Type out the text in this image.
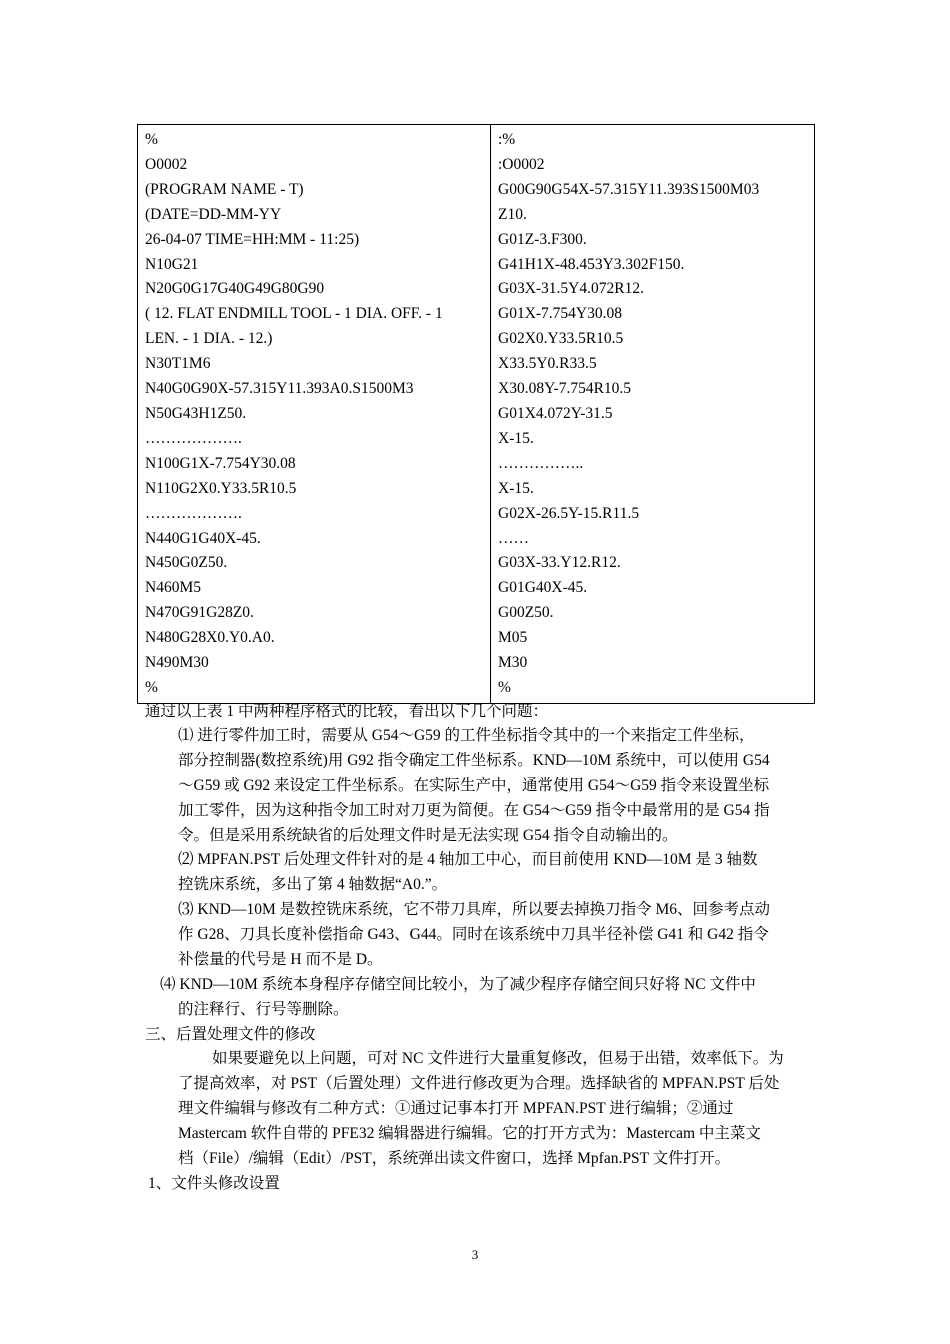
%
O0002
(PROGRAM NAME - T)
(DATE=DD-MM-YY
26-04-07 TIME=HH:MM - 11:25)
N10G21
N20G0G17G40G49G80G90
( 12. FLAT ENDMILL TOOL - 1 DIA. OFF. - 1
LEN. - 1 DIA. - 12.)
N30T1M6
N40G0G90X-57.315Y11.393A0.S1500M3
N50G43H1Z50.
……………….
N100G1X-7.754Y30.08
N110G2X0.Y33.5R10.5
……………….
N440G1G40X-45.
N450G0Z50.
N460M5
N470G91G28Z0.
N480G28X0.Y0.A0.
N490M30
%

:%
:O0002
G00G90G54X-57.315Y11.393S1500M03
Z10.
G01Z-3.F300.
G41H1X-48.453Y3.302F150.
G03X-31.5Y4.072R12.
G01X-7.754Y30.08
G02X0.Y33.5R10.5
X33.5Y0.R33.5
X30.08Y-7.754R10.5
G01X4.072Y-31.5
X-15.
……………..
X-15.
G02X-26.5Y-15.R11.5
……
G03X-33.Y12.R12.
G01G40X-45.
G00Z50.
M05
M30
%
通过以上表 1 中两种程序格式的比较，看出以下几个问题：
⑴ 进行零件加工时，需要从 G54～G59 的工件坐标指令其中的一个来指定工件坐标，
部分控制器(数控系统)用 G92 指令确定工件坐标系。KND—10M 系统中，可以使用 G54
～G59 或 G92 来设定工件坐标系。在实际生产中，通常使用 G54～G59 指令来设置坐标
加工零件，因为这种指令加工时对刀更为简便。在 G54～G59 指令中最常用的是 G54 指
令。但是采用系统缺省的后处理文件时是无法实现 G54 指令自动输出的。
⑵ MPFAN.PST 后处理文件针对的是 4 轴加工中心，而目前使用 KND—10M 是 3 轴数
控铣床系统，多出了第 4 轴数据“A0.”。
⑶ KND—10M 是数控铣床系统，它不带刀具库，所以要去掉换刀指令 M6、回参考点动
作 G28、刀具长度补偿指命 G43、G44。同时在该系统中刀具半径补偿 G41 和 G42 指令
补偿量的代号是 H 而不是 D。
⑷ KND—10M 系统本身程序存储空间比较小，为了减少程序存储空间只好将 NC 文件中
的注释行、行号等删除。
三、后置处理文件的修改
如果要避免以上问题，可对 NC 文件进行大量重复修改，但易于出错，效率低下。为
了提高效率，对 PST（后置处理）文件进行修改更为合理。选择缺省的 MPFAN.PST 后处
理文件编辑与修改有二种方式：①通过记事本打开 MPFAN.PST 进行编辑；②通过
Mastercam 软件自带的 PFE32 编辑器进行编辑。它的打开方式为：Mastercam 中主菜文
档（File）/编辑（Edit）/PST，系统弹出读文件窗口，选择 Mpfan.PST 文件打开。
1、文件头修改设置
3
